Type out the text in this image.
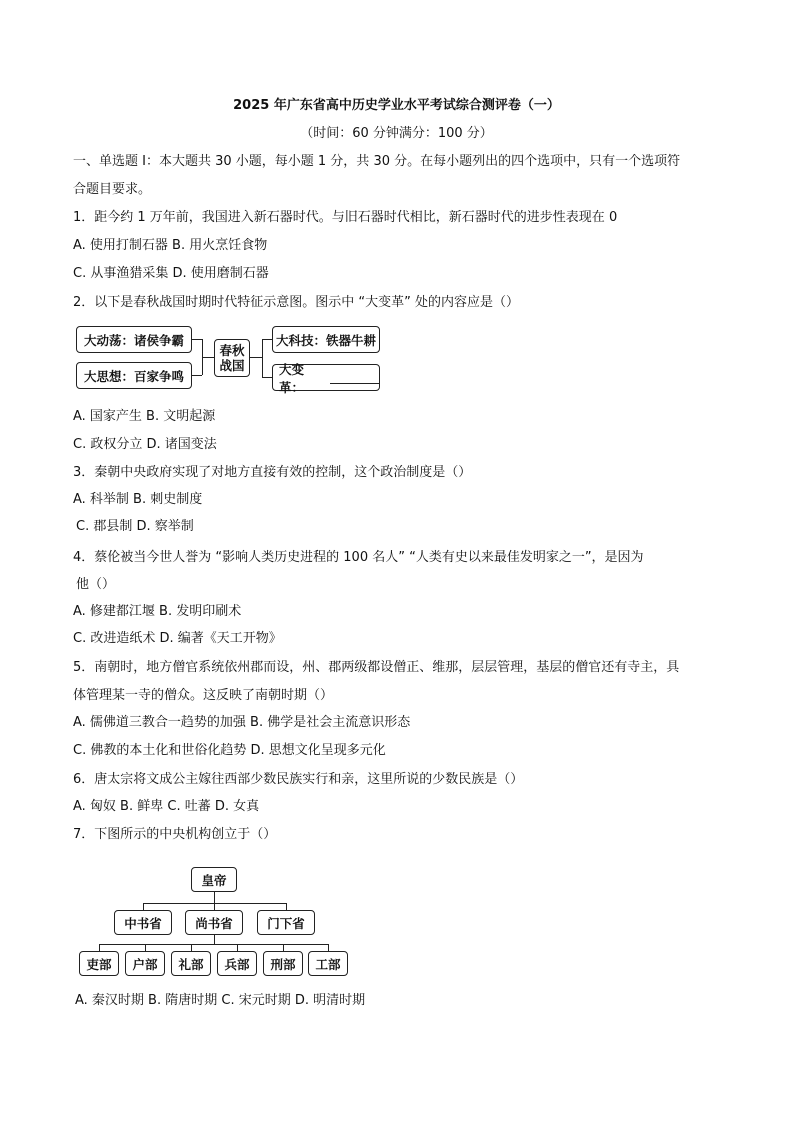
2025 年广东省高中历史学业水平考试综合测评卷（一）
（时间：60 分钟满分：100 分）
一、单选题 I：本大题共 30 小题，每小题 1 分，共 30 分。在每小题列出的四个选项中，只有一个选项符
合题目要求。
1．距今约 1 万年前，我国进入新石器时代。与旧石器时代相比，新石器时代的进步性表现在 0
A. 使用打制石器 B. 用火烹饪食物
C. 从事渔猎采集 D. 使用磨制石器
2．以下是春秋战国时期时代特征示意图。图示中 “大变革” 处的内容应是（）
大动荡：诸侯争霸
大思想：百家争鸣
春秋
战国
大科技：铁器牛耕
大变革：
A. 国家产生 B. 文明起源
C. 政权分立 D. 诸国变法
3．秦朝中央政府实现了对地方直接有效的控制，这个政治制度是（）
A. 科举制 B. 刺史制度
C. 郡县制 D. 察举制
4．蔡伦被当今世人誉为 “影响人类历史进程的 100 名人” “人类有史以来最佳发明家之一”，是因为
他（）
A. 修建都江堰 B. 发明印刷术
C. 改进造纸术 D. 编著《天工开物》
5．南朝时，地方僧官系统依州郡而设，州、郡两级都设僧正、维那，层层管理，基层的僧官还有寺主，具
体管理某一寺的僧众。这反映了南朝时期（）
A. 儒佛道三教合一趋势的加强 B. 佛学是社会主流意识形态
C. 佛教的本土化和世俗化趋势 D. 思想文化呈现多元化
6．唐太宗将文成公主嫁往西部少数民族实行和亲，这里所说的少数民族是（）
A. 匈奴 B. 鲜卑 C. 吐蕃 D. 女真
7．下图所示的中央机构创立于（）
皇帝
中书省	尚书省	门下省
吏部	户部	礼部	兵部	刑部	工部
A. 秦汉时期 B. 隋唐时期 C. 宋元时期 D. 明清时期
